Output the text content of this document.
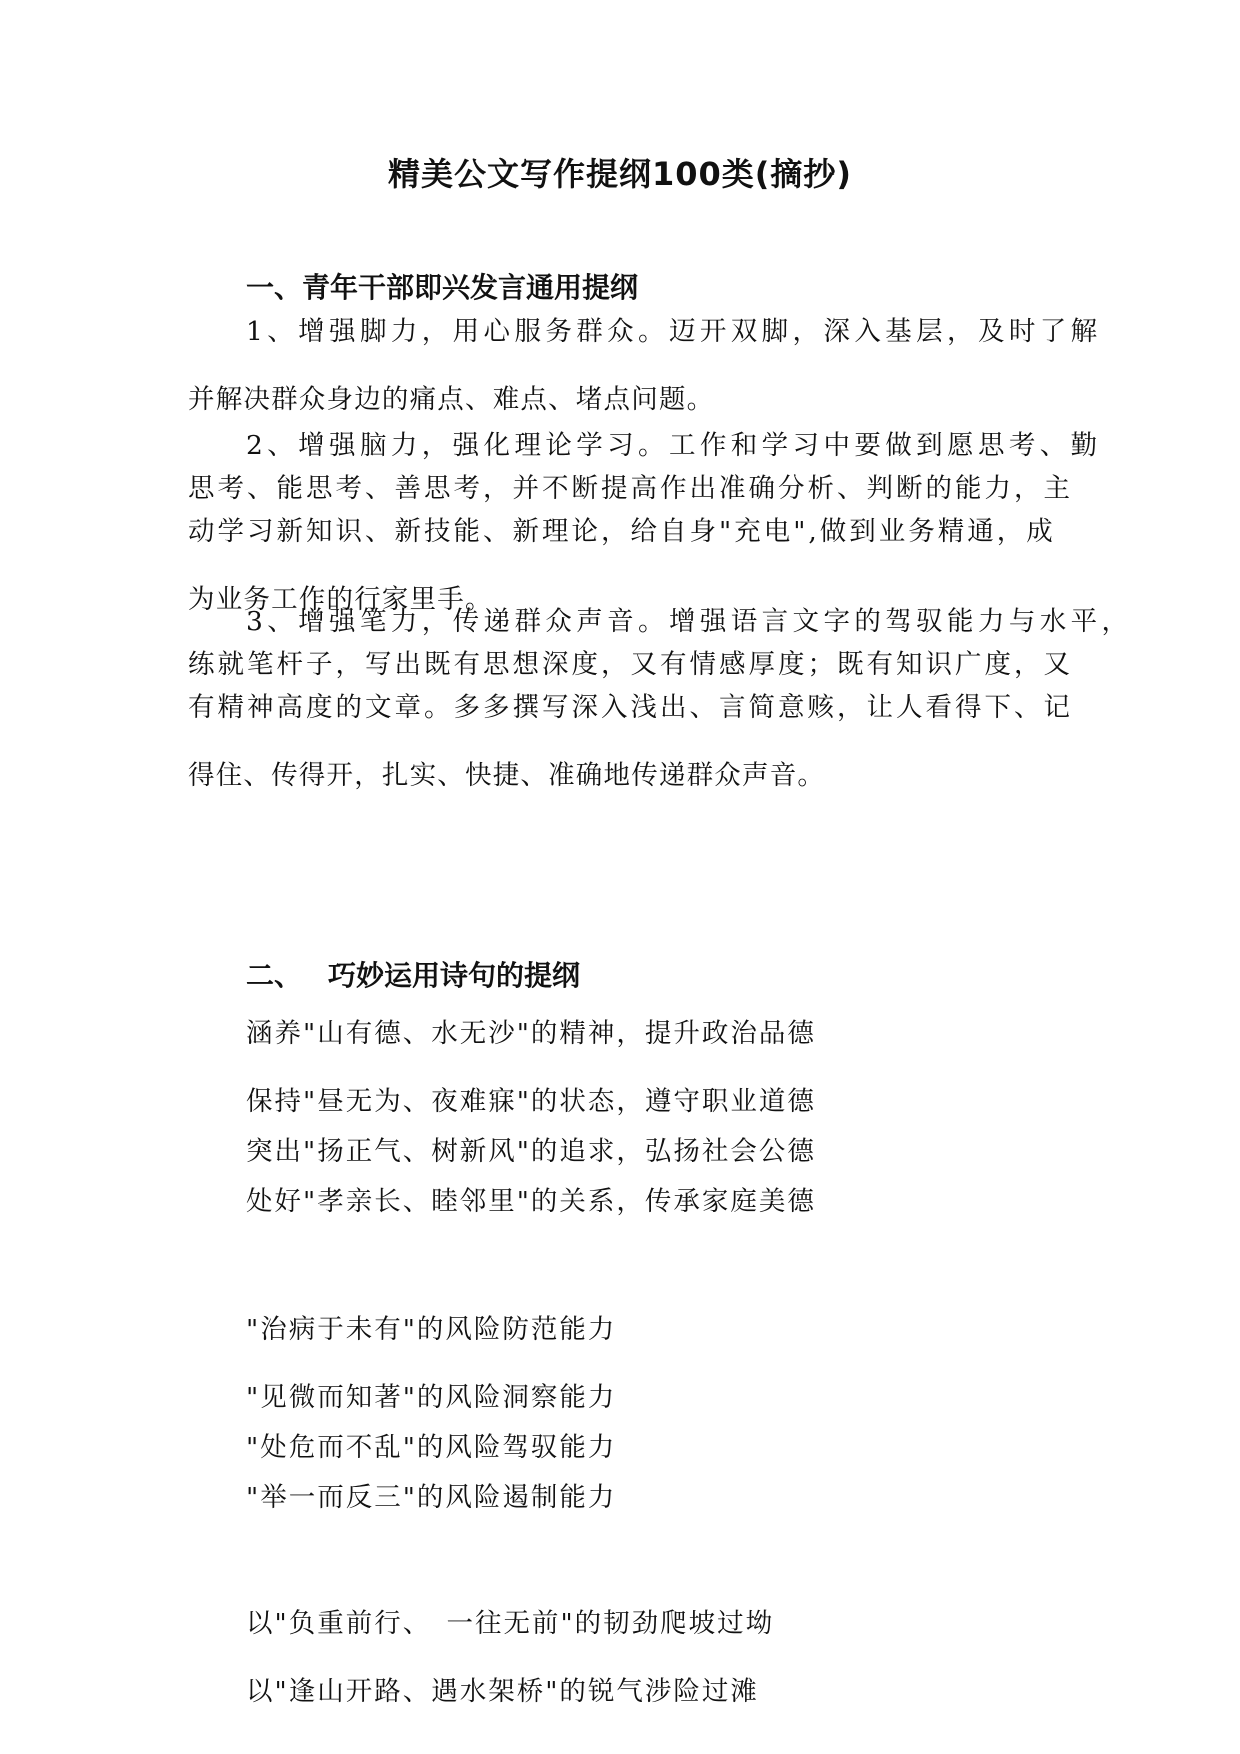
精美公文写作提纲100类(摘抄)
一、青年干部即兴发言通用提纲
1、增强脚力，用心服务群众。迈开双脚，深入基层，及时了解
并解决群众身边的痛点、难点、堵点问题。
2、增强脑力，强化理论学习。工作和学习中要做到愿思考、勤
思考、能思考、善思考，并不断提高作出准确分析、判断的能力，主
动学习新知识、新技能、新理论，给自身"充电",做到业务精通，成
为业务工作的行家里手。
3、增强笔力，传递群众声音。增强语言文字的驾驭能力与水平，
练就笔杆子，写出既有思想深度，又有情感厚度；既有知识广度，又
有精神高度的文章。多多撰写深入浅出、言简意赅，让人看得下、记
得住、传得开，扎实、快捷、准确地传递群众声音。
二、 巧妙运用诗句的提纲
涵养"山有德、水无沙"的精神，提升政治品德
保持"昼无为、夜难寐"的状态，遵守职业道德
突出"扬正气、树新风"的追求，弘扬社会公德
处好"孝亲长、睦邻里"的关系，传承家庭美德
"治病于未有"的风险防范能力
"见微而知著"的风险洞察能力
"处危而不乱"的风险驾驭能力
"举一而反三"的风险遏制能力
以"负重前行、　一往无前"的韧劲爬坡过坳
以"逢山开路、遇水架桥"的锐气涉险过滩
